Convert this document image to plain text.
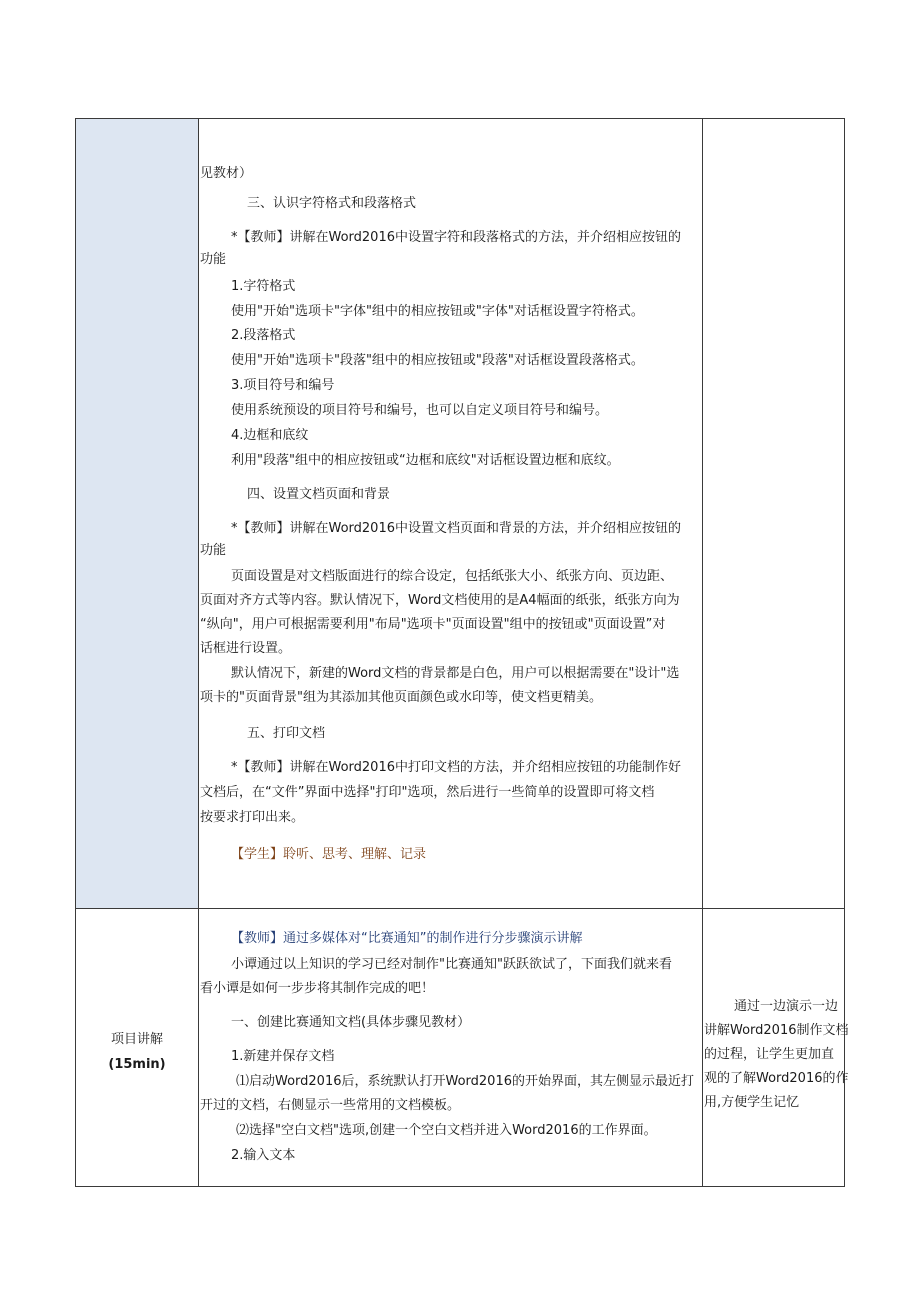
见教材）
三、认识字符格式和段落格式
*【教师】讲解在Word2016中设置字符和段落格式的方法，并介绍相应按钮的
功能
1.字符格式
使用"开始"选项卡"字体"组中的相应按钮或"字体"对话框设置字符格式。
2.段落格式
使用"开始"选项卡"段落"组中的相应按钮或"段落"对话框设置段落格式。
3.项目符号和编号
使用系统预设的项目符号和编号，也可以自定义项目符号和编号。
4.边框和底纹
利用"段落"组中的相应按钮或“边框和底纹"对话框设置边框和底纹。
四、设置文档页面和背景
*【教师】讲解在Word2016中设置文档页面和背景的方法，并介绍相应按钮的
功能
页面设置是对文档版面进行的综合设定，包括纸张大小、纸张方向、页边距、
页面对齐方式等内容。默认情况下，Word文档使用的是A4幅面的纸张，纸张方向为
“纵向"，用户可根据需要利用"布局"选项卡"页面设置"组中的按钮或"页面设置”对
话框进行设置。
默认情况下，新建的Word文档的背景都是白色，用户可以根据需要在"设计"选
项卡的"页面背景"组为其添加其他页面颜色或水印等，使文档更精美。
五、打印文档
*【教师】讲解在Word2016中打印文档的方法，并介绍相应按钮的功能制作好
文档后，在“文件”界面中选择"打印"选项，然后进行一些简单的设置即可将文档
按要求打印出来。
【学生】聆听、思考、理解、记录
项目讲解
(15min)
【教师】通过多媒体对“比赛通知”的制作进行分步骤演示讲解
小谭通过以上知识的学习已经对制作"比赛通知"跃跃欲试了，下面我们就来看
看小谭是如何一步步将其制作完成的吧！
一、创建比赛通知文档(具体步骤见教材）
1.新建并保存文档
⑴启动Word2016后，系统默认打开Word2016的开始界面，其左侧显示最近打
开过的文档，右侧显示一些常用的文档模板。
⑵选择"空白文档"选项,创建一个空白文档并进入Word2016的工作界面。
2.输入文本
通过一边演示一边
讲解Word2016制作文档
的过程，让学生更加直
观的了解Word2016的作
用,方便学生记忆
